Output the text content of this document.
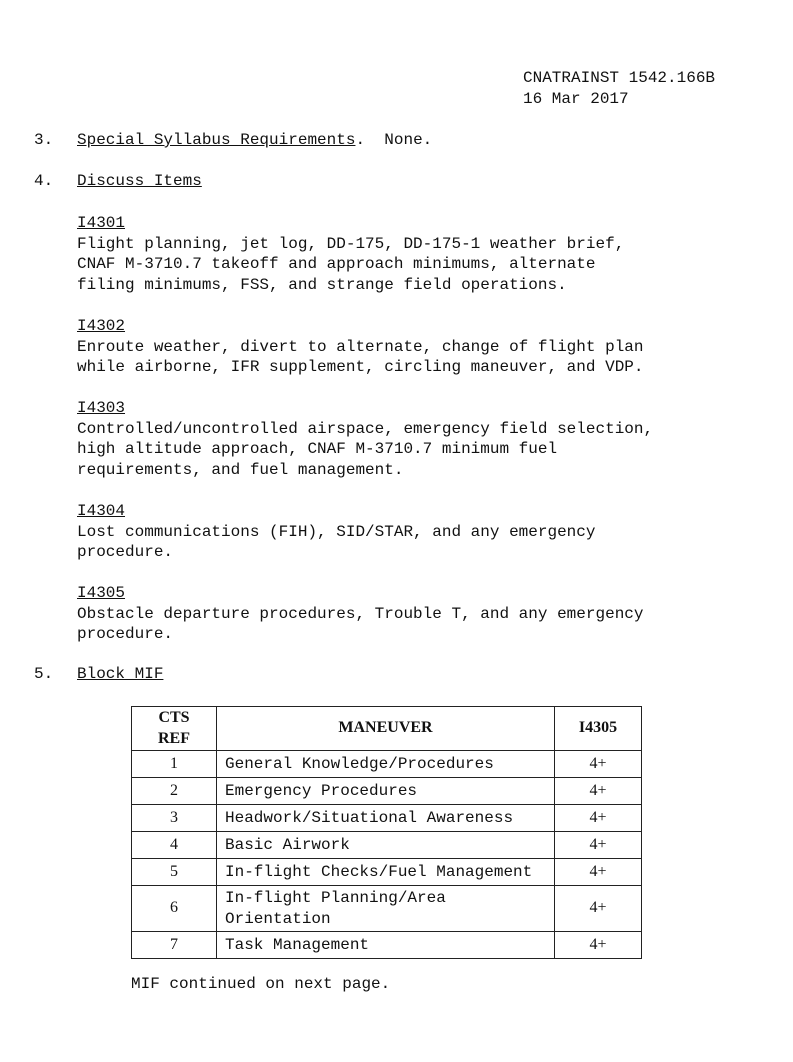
CNATRAINST 1542.166B
16 Mar 2017
3. Special Syllabus Requirements.  None.
4. Discuss Items
I4301
Flight planning, jet log, DD-175, DD-175-1 weather brief,
CNAF M-3710.7 takeoff and approach minimums, alternate
filing minimums, FSS, and strange field operations.
I4302
Enroute weather, divert to alternate, change of flight plan
while airborne, IFR supplement, circling maneuver, and VDP.
I4303
Controlled/uncontrolled airspace, emergency field selection,
high altitude approach, CNAF M-3710.7 minimum fuel
requirements, and fuel management.
I4304
Lost communications (FIH), SID/STAR, and any emergency
procedure.
I4305
Obstacle departure procedures, Trouble T, and any emergency
procedure.
5. Block MIF
CTS
REF	MANEUVER	I4305
1	General Knowledge/Procedures	4+
2	Emergency Procedures	4+
3	Headwork/Situational Awareness	4+
4	Basic Airwork	4+
5	In-flight Checks/Fuel Management	4+
6	In-flight Planning/Area
Orientation	4+
7	Task Management	4+
MIF continued on next page.
